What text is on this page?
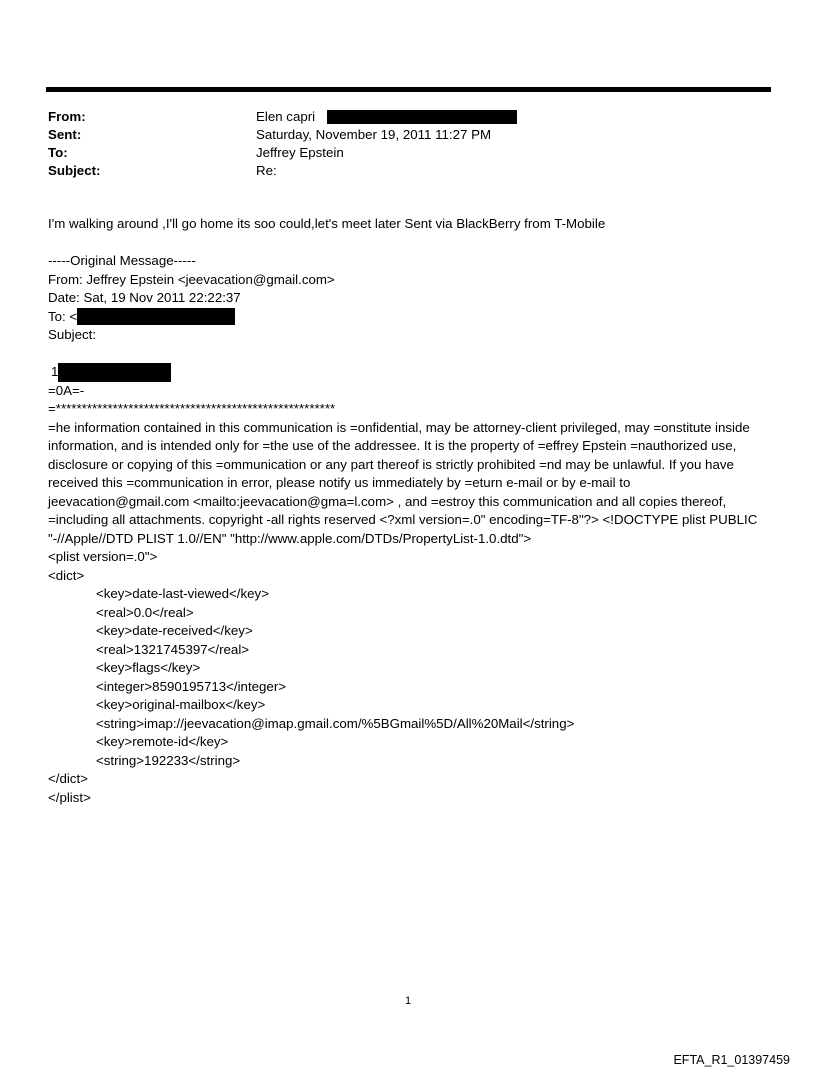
From:	Elen capri
Sent:	Saturday, November 19, 2011 11:27 PM
To:	Jeffrey Epstein
Subject:	Re:
I'm walking around ,I'll go home its soo could,let's meet later Sent via BlackBerry from T-Mobile
-----Original Message-----
From: Jeffrey Epstein <jeevacation@gmail.com>
Date: Sat, 19 Nov 2011 22:22:37
To: <
Subject:
1
=0A=-
=******************************************************
=he information contained in this communication is =onfidential, may be attorney-client privileged, may =onstitute inside information, and is intended only for =the use of the addressee. It is the property of =effrey Epstein =nauthorized use, disclosure or copying of this =ommunication or any part thereof is strictly prohibited =nd may be unlawful. If you have received this =communication in error, please notify us immediately by =eturn e-mail or by e-mail to jeevacation@gmail.com <mailto:jeevacation@gma=l.com> , and =estroy this communication and all copies thereof, =including all attachments. copyright -all rights reserved <?xml version=.0" encoding=TF-8"?> <!DOCTYPE plist PUBLIC "-//Apple//DTD PLIST 1.0//EN" "http://www.apple.com/DTDs/PropertyList-1.0.dtd">
<plist version=.0">
<dict>
<key>date-last-viewed</key>
<real>0.0</real>
<key>date-received</key>
<real>1321745397</real>
<key>flags</key>
<integer>8590195713</integer>
<key>original-mailbox</key>
<string>imap://jeevacation@imap.gmail.com/%5BGmail%5D/All%20Mail</string>
<key>remote-id</key>
<string>192233</string>
</dict>
</plist>
1
EFTA_R1_01397459
